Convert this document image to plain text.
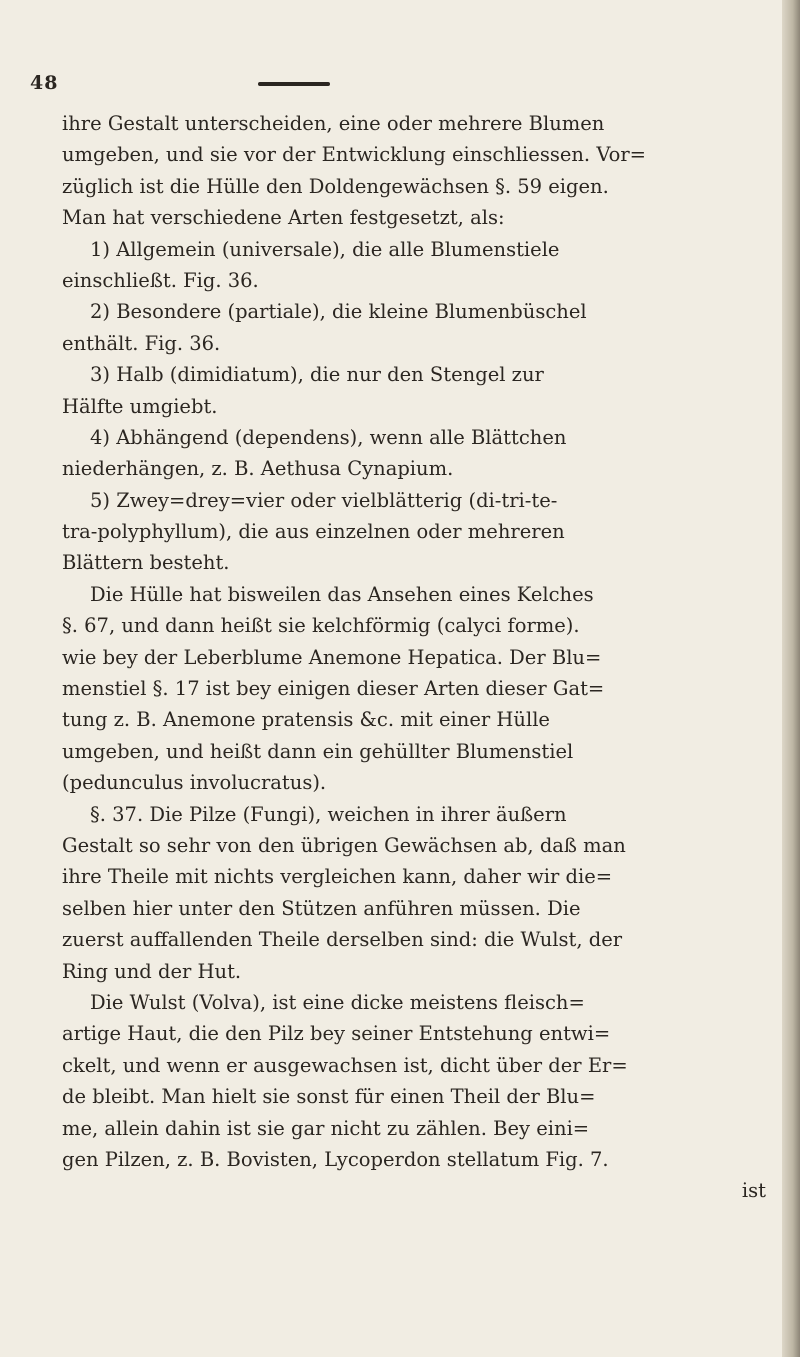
48
ihre Gestalt unterscheiden, eine oder mehrere Blumen
umgeben, und sie vor der Entwicklung einschliessen. Vor=
züglich ist die Hülle den Doldengewächsen §. 59 eigen.
Man hat verschiedene Arten festgesetzt, als:
1) Allgemein (universale), die alle Blumenstiele
einschließt. Fig. 36.
2) Besondere (partiale), die kleine Blumenbüschel
enthält. Fig. 36.
3) Halb (dimidiatum), die nur den Stengel zur
Hälfte umgiebt.
4) Abhängend (dependens), wenn alle Blättchen
niederhängen, z. B. Aethusa Cynapium.
5) Zwey=drey=vier oder vielblätterig (di-tri-te-
tra-polyphyllum), die aus einzelnen oder mehreren
Blättern besteht.
Die Hülle hat bisweilen das Ansehen eines Kelches
§. 67, und dann heißt sie kelchförmig (calyci forme).
wie bey der Leberblume Anemone Hepatica. Der Blu=
menstiel §. 17 ist bey einigen dieser Arten dieser Gat=
tung z. B. Anemone pratensis &c. mit einer Hülle
umgeben, und heißt dann ein gehüllter Blumenstiel
(pedunculus involucratus).
§. 37. Die Pilze (Fungi), weichen in ihrer äußern
Gestalt so sehr von den übrigen Gewächsen ab, daß man
ihre Theile mit nichts vergleichen kann, daher wir die=
selben hier unter den Stützen anführen müssen. Die
zuerst auffallenden Theile derselben sind: die Wulst, der
Ring und der Hut.
Die Wulst (Volva), ist eine dicke meistens fleisch=
artige Haut, die den Pilz bey seiner Entstehung entwi=
ckelt, und wenn er ausgewachsen ist, dicht über der Er=
de bleibt. Man hielt sie sonst für einen Theil der Blu=
me, allein dahin ist sie gar nicht zu zählen. Bey eini=
gen Pilzen, z. B. Bovisten, Lycoperdon stellatum Fig. 7.
ist
